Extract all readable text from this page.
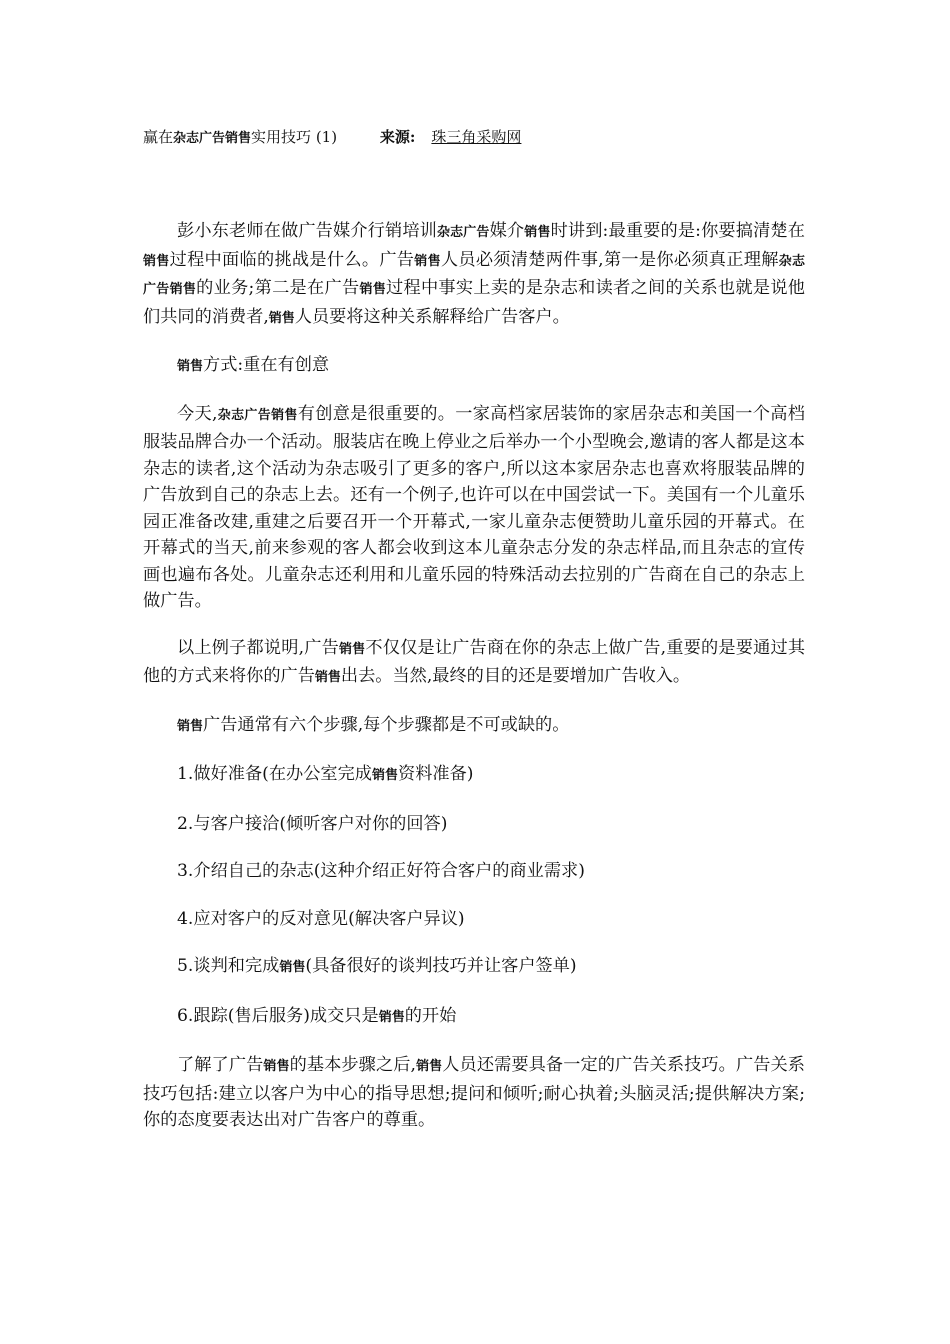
赢在杂志广告销售实用技巧 (1)	来源: 珠三角采购网

彭小东老师在做广告媒介行销培训杂志广告媒介销售时讲到:最重要的是:你要搞清楚在销售过程中面临的挑战是什么。广告销售人员必须清楚两件事,第一是你必须真正理解杂志广告销售的业务;第二是在广告销售过程中事实上卖的是杂志和读者之间的关系也就是说他们共同的消费者,销售人员要将这种关系解释给广告客户。

销售方式:重在有创意

今天,杂志广告销售有创意是很重要的。一家高档家居装饰的家居杂志和美国一个高档服装品牌合办一个活动。服装店在晚上停业之后举办一个小型晚会,邀请的客人都是这本杂志的读者,这个活动为杂志吸引了更多的客户,所以这本家居杂志也喜欢将服装品牌的广告放到自己的杂志上去。还有一个例子,也许可以在中国尝试一下。美国有一个儿童乐园正准备改建,重建之后要召开一个开幕式,一家儿童杂志便赞助儿童乐园的开幕式。在开幕式的当天,前来参观的客人都会收到这本儿童杂志分发的杂志样品,而且杂志的宣传画也遍布各处。儿童杂志还利用和儿童乐园的特殊活动去拉别的广告商在自己的杂志上做广告。

以上例子都说明,广告销售不仅仅是让广告商在你的杂志上做广告,重要的是要通过其他的方式来将你的广告销售出去。当然,最终的目的还是要增加广告收入。

销售广告通常有六个步骤,每个步骤都是不可或缺的。

1.做好准备(在办公室完成销售资料准备)

2.与客户接洽(倾听客户对你的回答)

3.介绍自己的杂志(这种介绍正好符合客户的商业需求)

4.应对客户的反对意见(解决客户异议)

5.谈判和完成销售(具备很好的谈判技巧并让客户签单)

6.跟踪(售后服务)成交只是销售的开始

了解了广告销售的基本步骤之后,销售人员还需要具备一定的广告关系技巧。广告关系技巧包括:建立以客户为中心的指导思想;提问和倾听;耐心执着;头脑灵活;提供解决方案;你的态度要表达出对广告客户的尊重。
